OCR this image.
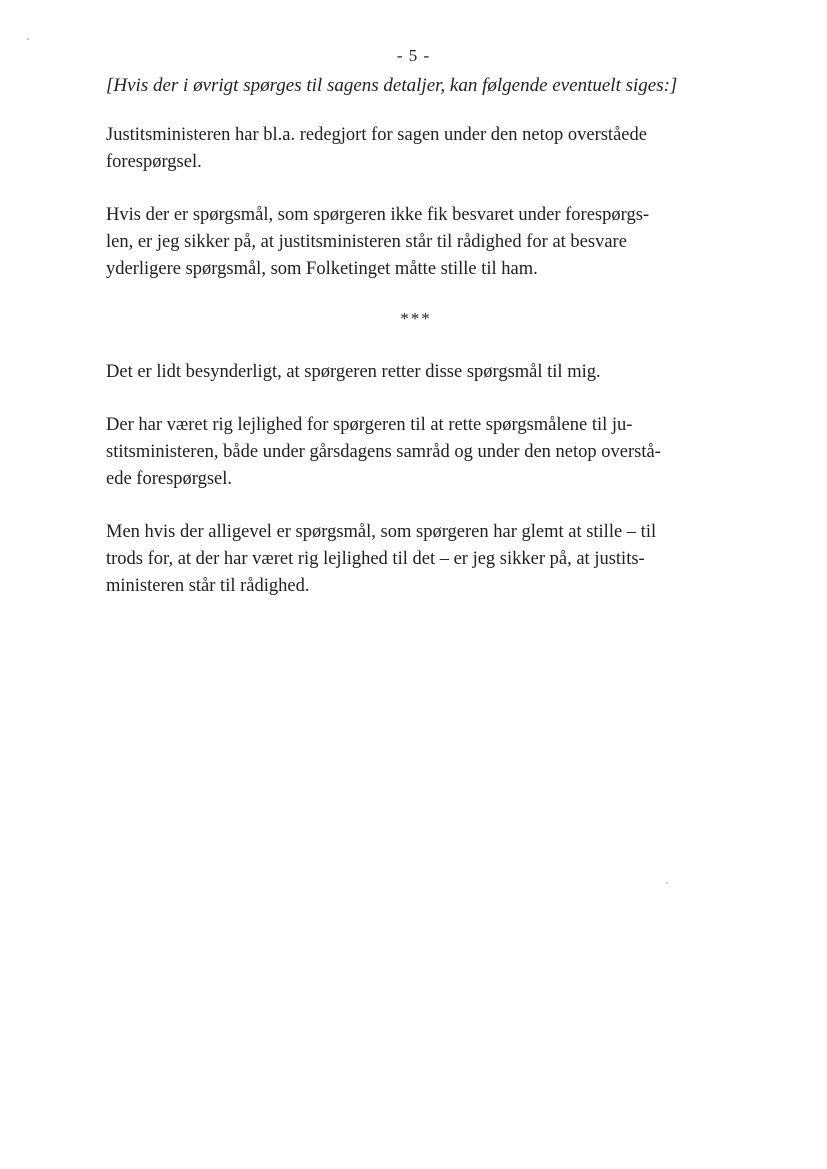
- 5 -

[Hvis der i øvrigt spørges til sagens detaljer, kan følgende eventuelt siges:]

Justitsministeren har bl.a. redegjort for sagen under den netop overståede
forespørgsel.

Hvis der er spørgsmål, som spørgeren ikke fik besvaret under forespørgs-
len, er jeg sikker på, at justitsministeren står til rådighed for at besvare
yderligere spørgsmål, som Folketinget måtte stille til ham.

***

Det er lidt besynderligt, at spørgeren retter disse spørgsmål til mig.

Der har været rig lejlighed for spørgeren til at rette spørgsmålene til ju-
stitsministeren, både under gårsdagens samråd og under den netop overstå-
ede forespørgsel.

Men hvis der alligevel er spørgsmål, som spørgeren har glemt at stille – til
trods for, at der har været rig lejlighed til det – er jeg sikker på, at justits-
ministeren står til rådighed.
